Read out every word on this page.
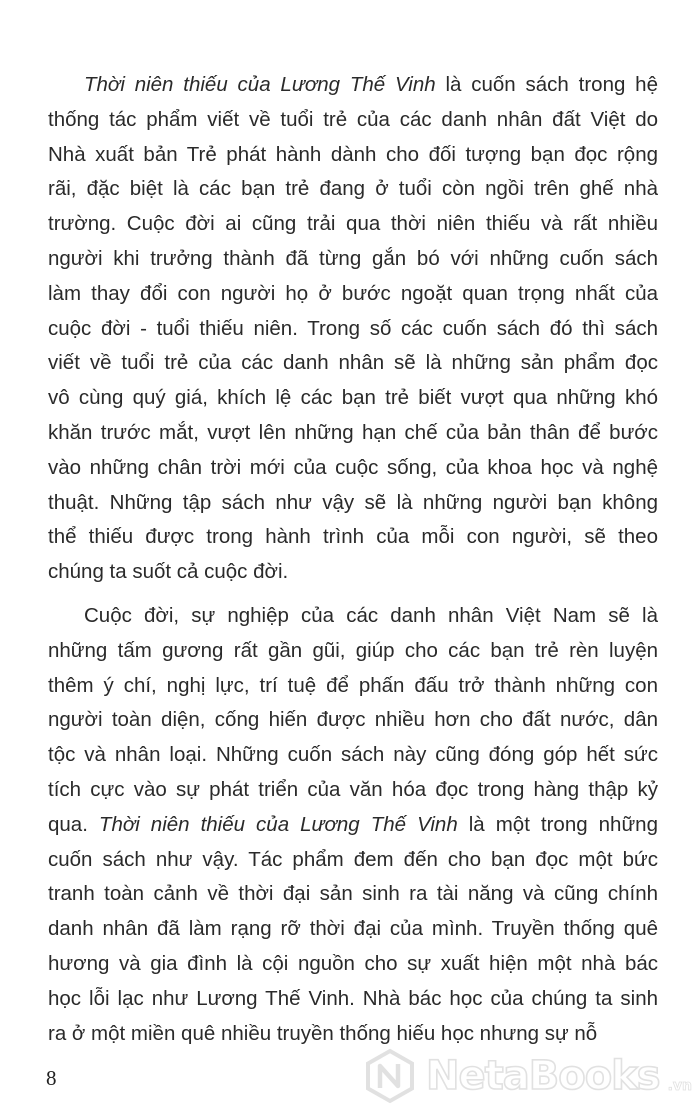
Thời niên thiếu của Lương Thế Vinh là cuốn sách trong hệ
thống tác phẩm viết về tuổi trẻ của các danh nhân đất Việt do
Nhà xuất bản Trẻ phát hành dành cho đối tượng bạn đọc rộng
rãi, đặc biệt là các bạn trẻ đang ở tuổi còn ngồi trên ghế nhà
trường. Cuộc đời ai cũng trải qua thời niên thiếu và rất nhiều
người khi trưởng thành đã từng gắn bó với những cuốn sách
làm thay đổi con người họ ở bước ngoặt quan trọng nhất của
cuộc đời - tuổi thiếu niên. Trong số các cuốn sách đó thì sách
viết về tuổi trẻ của các danh nhân sẽ là những sản phẩm đọc
vô cùng quý giá, khích lệ các bạn trẻ biết vượt qua những khó
khăn trước mắt, vượt lên những hạn chế của bản thân để bước
vào những chân trời mới của cuộc sống, của khoa học và nghệ
thuật. Những tập sách như vậy sẽ là những người bạn không
thể thiếu được trong hành trình của mỗi con người, sẽ theo
chúng ta suốt cả cuộc đời.
Cuộc đời, sự nghiệp của các danh nhân Việt Nam sẽ là
những tấm gương rất gần gũi, giúp cho các bạn trẻ rèn luyện
thêm ý chí, nghị lực, trí tuệ để phấn đấu trở thành những con
người toàn diện, cống hiến được nhiều hơn cho đất nước, dân
tộc và nhân loại. Những cuốn sách này cũng đóng góp hết sức
tích cực vào sự phát triển của văn hóa đọc trong hàng thập kỷ
qua. Thời niên thiếu của Lương Thế Vinh là một trong những
cuốn sách như vậy. Tác phẩm đem đến cho bạn đọc một bức
tranh toàn cảnh về thời đại sản sinh ra tài năng và cũng chính
danh nhân đã làm rạng rỡ thời đại của mình. Truyền thống quê
hương và gia đình là cội nguồn cho sự xuất hiện một nhà bác
học lỗi lạc như Lương Thế Vinh. Nhà bác học của chúng ta sinh
ra ở một miền quê nhiều truyền thống hiếu học nhưng sự nỗ
8	NetaBooks .vn
